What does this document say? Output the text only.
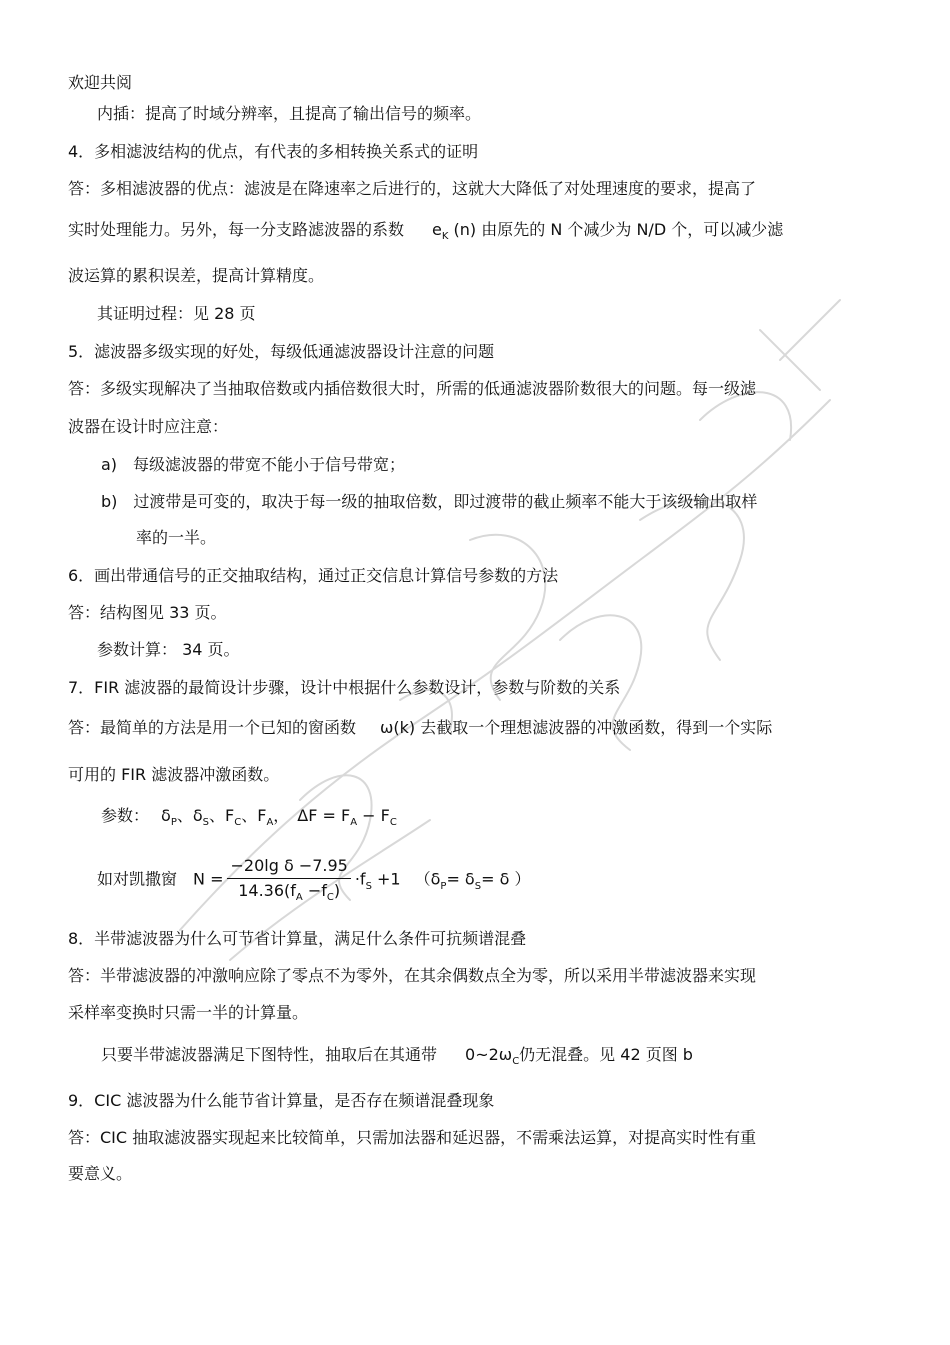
欢迎共阅
内插：提高了时域分辨率，且提高了输出信号的频率。
4．多相滤波结构的优点，有代表的多相转换关系式的证明
答：多相滤波器的优点：滤波是在降速率之后进行的，这就大大降低了对处理速度的要求，提高了
实时处理能力。另外，每一分支路滤波器的系数 $e_K$ (n) 由原先的 N 个减少为 N/D 个，可以减少滤
波运算的累积误差，提高计算精度。
其证明过程：见 28 页
5．滤波器多级实现的好处，每级低通滤波器设计注意的问题
答：多级实现解决了当抽取倍数或内插倍数很大时，所需的低通滤波器阶数很大的问题。每一级滤
波器在设计时应注意：
a)　每级滤波器的带宽不能小于信号带宽；
b)　过渡带是可变的，取决于每一级的抽取倍数，即过渡带的截止频率不能大于该级输出取样
率的一半。
6．画出带通信号的正交抽取结构，通过正交信息计算信号参数的方法
答：结构图见 33 页。
参数计算： 34 页。
7．FIR 滤波器的最简设计步骤，设计中根据什么参数设计，参数与阶数的关系
答：最简单的方法是用一个已知的窗函数 ω(k) 去截取一个理想滤波器的冲激函数，得到一个实际
可用的 FIR 滤波器冲激函数。
参数： $\delta_P$、$\delta_S$、$F_C$、$F_A$， $\Delta F = F_A - F_C$
如对凯撒窗 $N = \frac{\text{−20lg δ −7.95}}{14.36(f_A -f_C)} \cdot f_S +1$ （$\delta_P= \delta_S= \delta$ ）
8．半带滤波器为什么可节省计算量，满足什么条件可抗频谱混叠
答：半带滤波器的冲激响应除了零点不为零外，在其余偶数点全为零，所以采用半带滤波器来实现
采样率变换时只需一半的计算量。
只要半带滤波器满足下图特性，抽取后在其通带 $0\sim 2\omega_C$仍无混叠。见 42 页图 b
9．CIC 滤波器为什么能节省计算量，是否存在频谱混叠现象
答：CIC 抽取滤波器实现起来比较简单，只需加法器和延迟器，不需乘法运算，对提高实时性有重
要意义。
